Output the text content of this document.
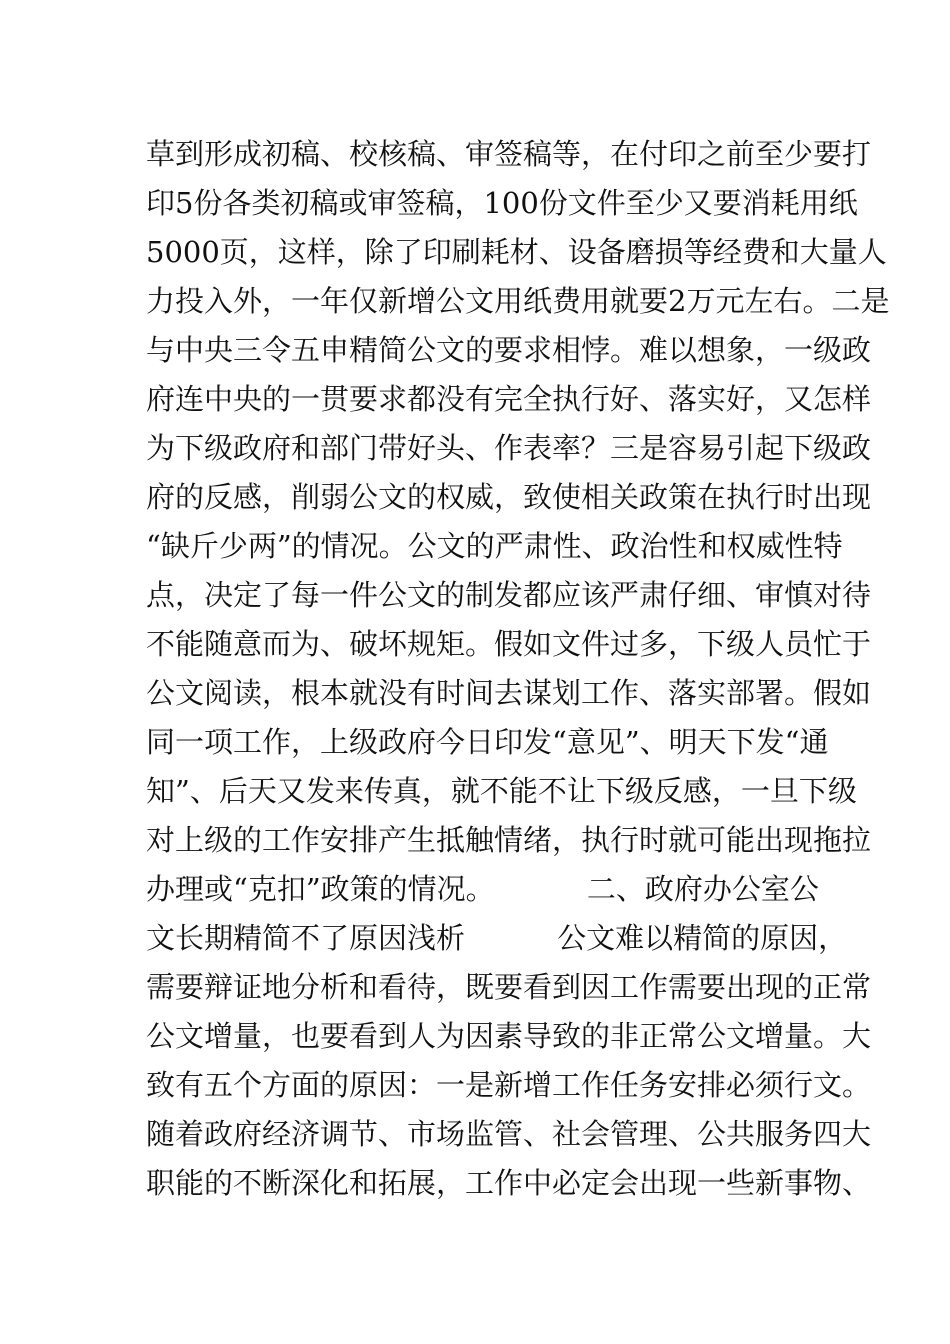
草到形成初稿、校核稿、审签稿等，在付印之前至少要打
印5份各类初稿或审签稿，100份文件至少又要消耗用纸
5000页，这样，除了印刷耗材、设备磨损等经费和大量人
力投入外，一年仅新增公文用纸费用就要2万元左右。二是
与中央三令五申精简公文的要求相悖。难以想象，一级政
府连中央的一贯要求都没有完全执行好、落实好，又怎样
为下级政府和部门带好头、作表率？三是容易引起下级政
府的反感，削弱公文的权威，致使相关政策在执行时出现
“缺斤少两”的情况。公文的严肃性、政治性和权威性特
点，决定了每一件公文的制发都应该严肃仔细、审慎对待
不能随意而为、破坏规矩。假如文件过多，下级人员忙于
公文阅读，根本就没有时间去谋划工作、落实部署。假如
同一项工作，上级政府今日印发“意见”、明天下发“通
知”、后天又发来传真，就不能不让下级反感，一旦下级
对上级的工作安排产生抵触情绪，执行时就可能出现拖拉
办理或“克扣”政策的情况。          二、政府办公室公
文长期精简不了原因浅析          公文难以精简的原因，
需要辩证地分析和看待，既要看到因工作需要出现的正常
公文增量，也要看到人为因素导致的非正常公文增量。大
致有五个方面的原因：一是新增工作任务安排必须行文。
随着政府经济调节、市场监管、社会管理、公共服务四大
职能的不断深化和拓展，工作中必定会出现一些新事物、
